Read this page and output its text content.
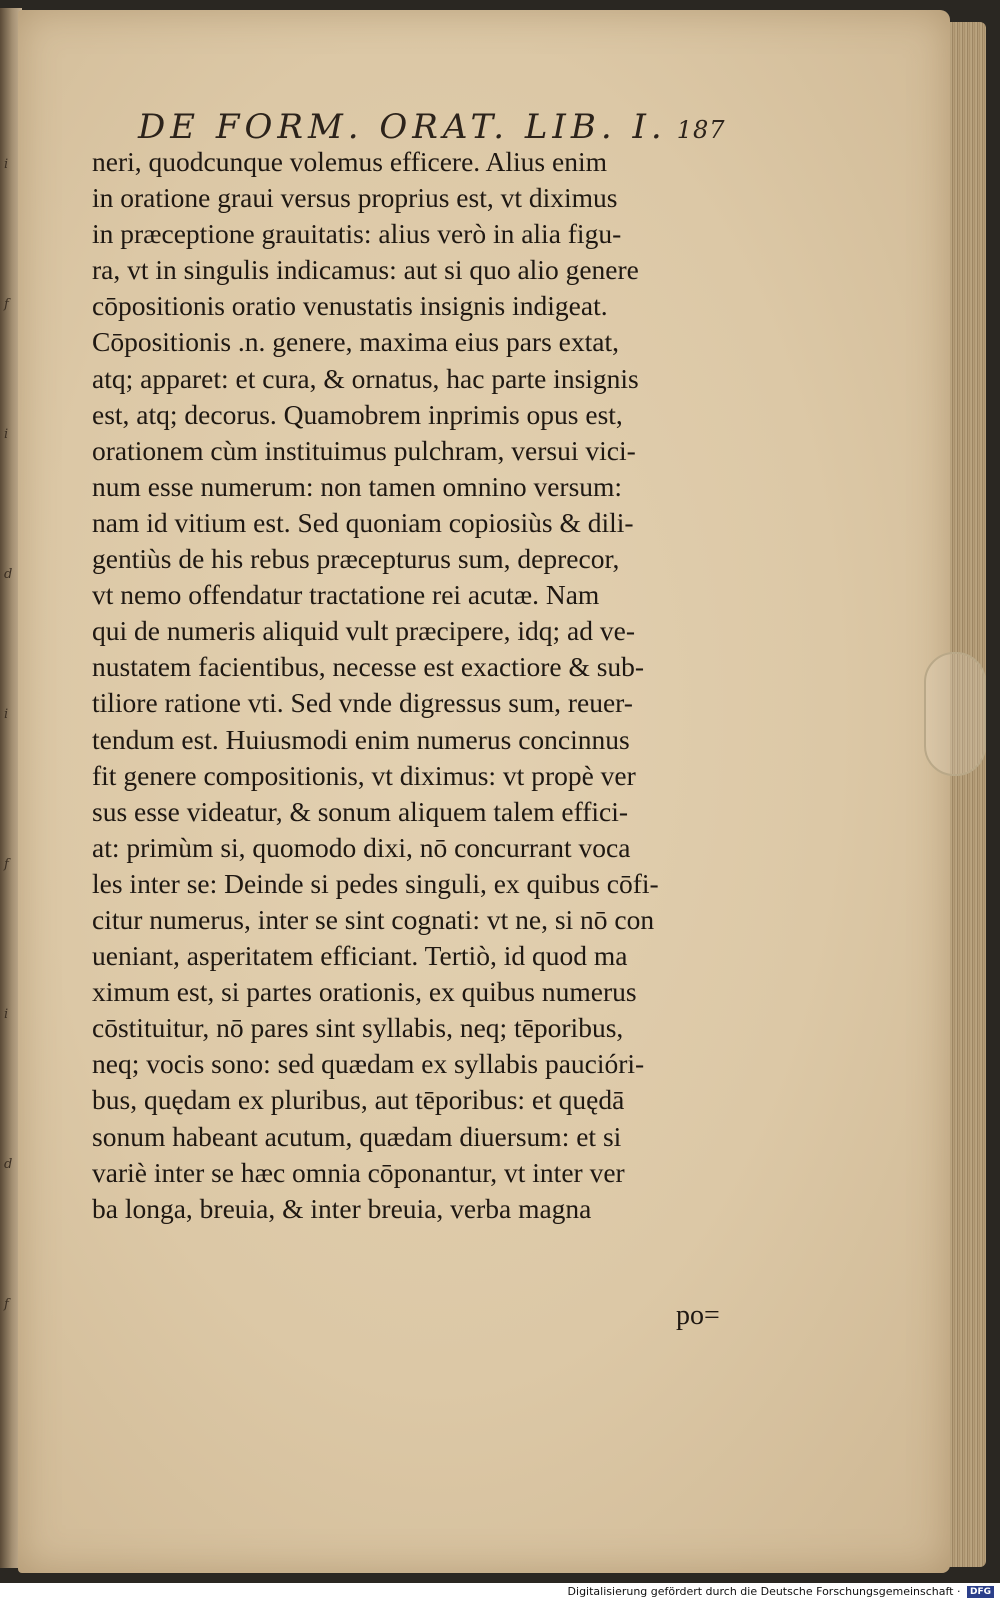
i
f
i
d
i
f
i
d
f
DE FORM. ORAT. LIB. I. 187
neri, quodcunque volemus efficere. Alius enim
in oratione graui versus proprius est, vt diximus
in præceptione grauitatis: alius verò in alia figu-
ra, vt in singulis indicamus: aut si quo alio genere
cōpositionis oratio venustatis insignis indigeat.
Cōpositionis .n. genere, maxima eius pars extat,
atq; apparet: et cura, & ornatus, hac parte insignis
est, atq; decorus. Quamobrem inprimis opus est,
orationem cùm instituimus pulchram, versui vici-
num esse numerum: non tamen omnino versum:
nam id vitium est. Sed quoniam copiosiùs & dili-
gentiùs de his rebus præcepturus sum, deprecor,
vt nemo offendatur tractatione rei acutæ. Nam
qui de numeris aliquid vult præcipere, idq; ad ve-
nustatem facientibus, necesse est exactiore & sub-
tiliore ratione vti. Sed vnde digressus sum, reuer-
tendum est. Huiusmodi enim numerus concinnus
fit genere compositionis, vt diximus: vt propè ver
sus esse videatur, & sonum aliquem talem effici-
at: primùm si, quomodo dixi, nō concurrant voca
les inter se: Deinde si pedes singuli, ex quibus cōfi-
citur numerus, inter se sint cognati: vt ne, si nō con
ueniant, asperitatem efficiant. Tertiò, id quod ma
ximum est, si partes orationis, ex quibus numerus
cōstituitur, nō pares sint syllabis, neq; tēporibus,
neq; vocis sono: sed quædam ex syllabis paucióri-
bus, quędam ex pluribus, aut tēporibus: et quędā
sonum habeant acutum, quædam diuersum: et si
variè inter se hæc omnia cōponantur, vt inter ver
ba longa, breuia, & inter breuia, verba magna
po=
Digitalisierung gefördert durch die Deutsche Forschungsgemeinschaft · DFG
